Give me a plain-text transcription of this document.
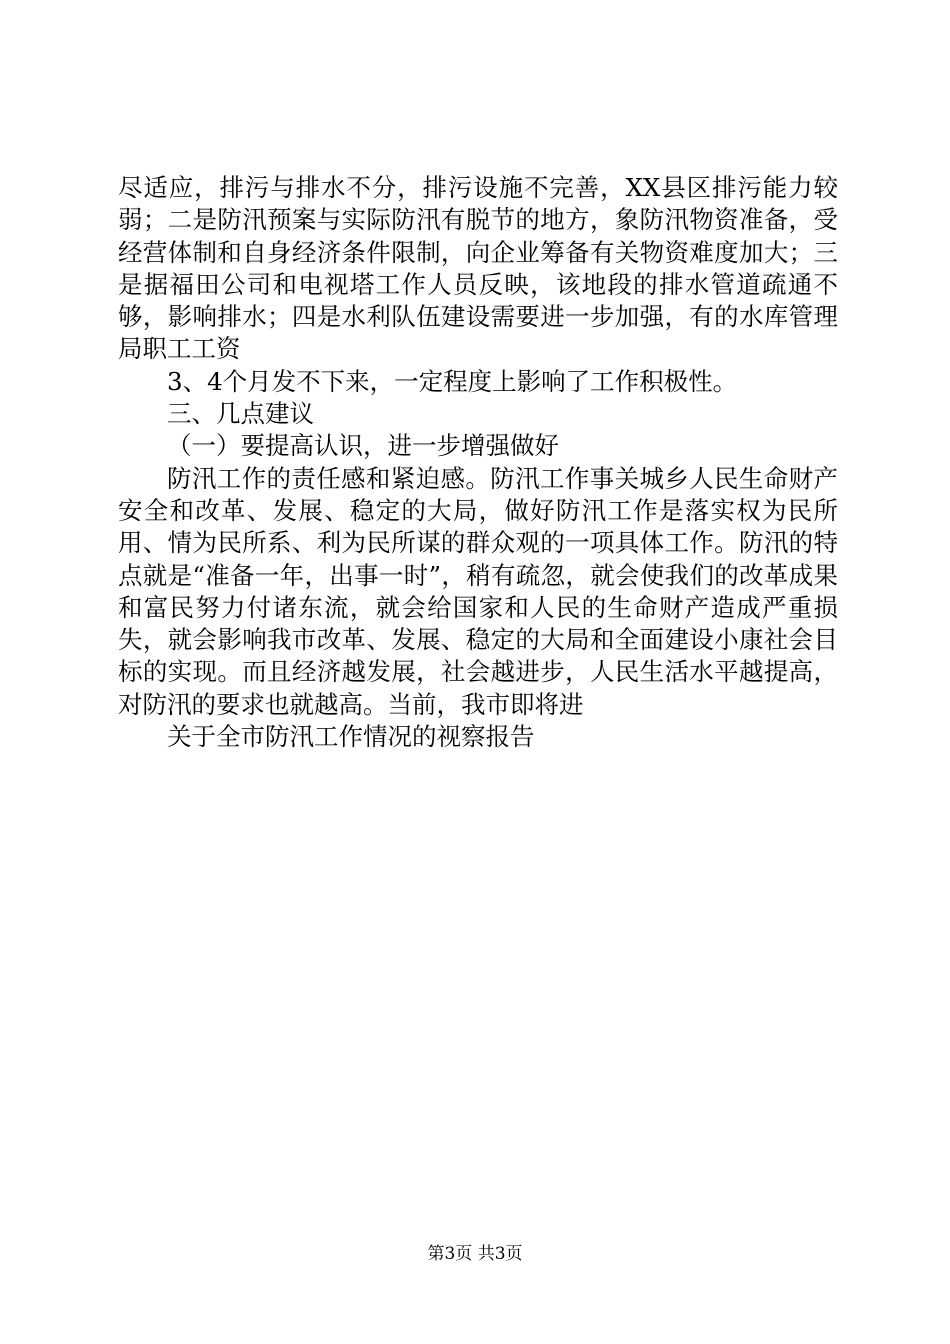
尽适应，排污与排水不分，排污设施不完善，XX县区排污能力较弱；二是防汛预案与实际防汛有脱节的地方，象防汛物资准备，受经营体制和自身经济条件限制，向企业筹备有关物资难度加大；三是据福田公司和电视塔工作人员反映，该地段的排水管道疏通不够，影响排水；四是水利队伍建设需要进一步加强，有的水库管理局职工工资

3、4个月发不下来，一定程度上影响了工作积极性。

三、几点建议

（一）要提高认识，进一步增强做好

防汛工作的责任感和紧迫感。防汛工作事关城乡人民生命财产安全和改革、发展、稳定的大局，做好防汛工作是落实权为民所用、情为民所系、利为民所谋的群众观的一项具体工作。防汛的特点就是“准备一年，出事一时”，稍有疏忽，就会使我们的改革成果和富民努力付诸东流，就会给国家和人民的生命财产造成严重损失，就会影响我市改革、发展、稳定的大局和全面建设小康社会目标的实现。而且经济越发展，社会越进步，人民生活水平越提高，对防汛的要求也就越高。当前，我市即将进

关于全市防汛工作情况的视察报告

第3页 共3页
